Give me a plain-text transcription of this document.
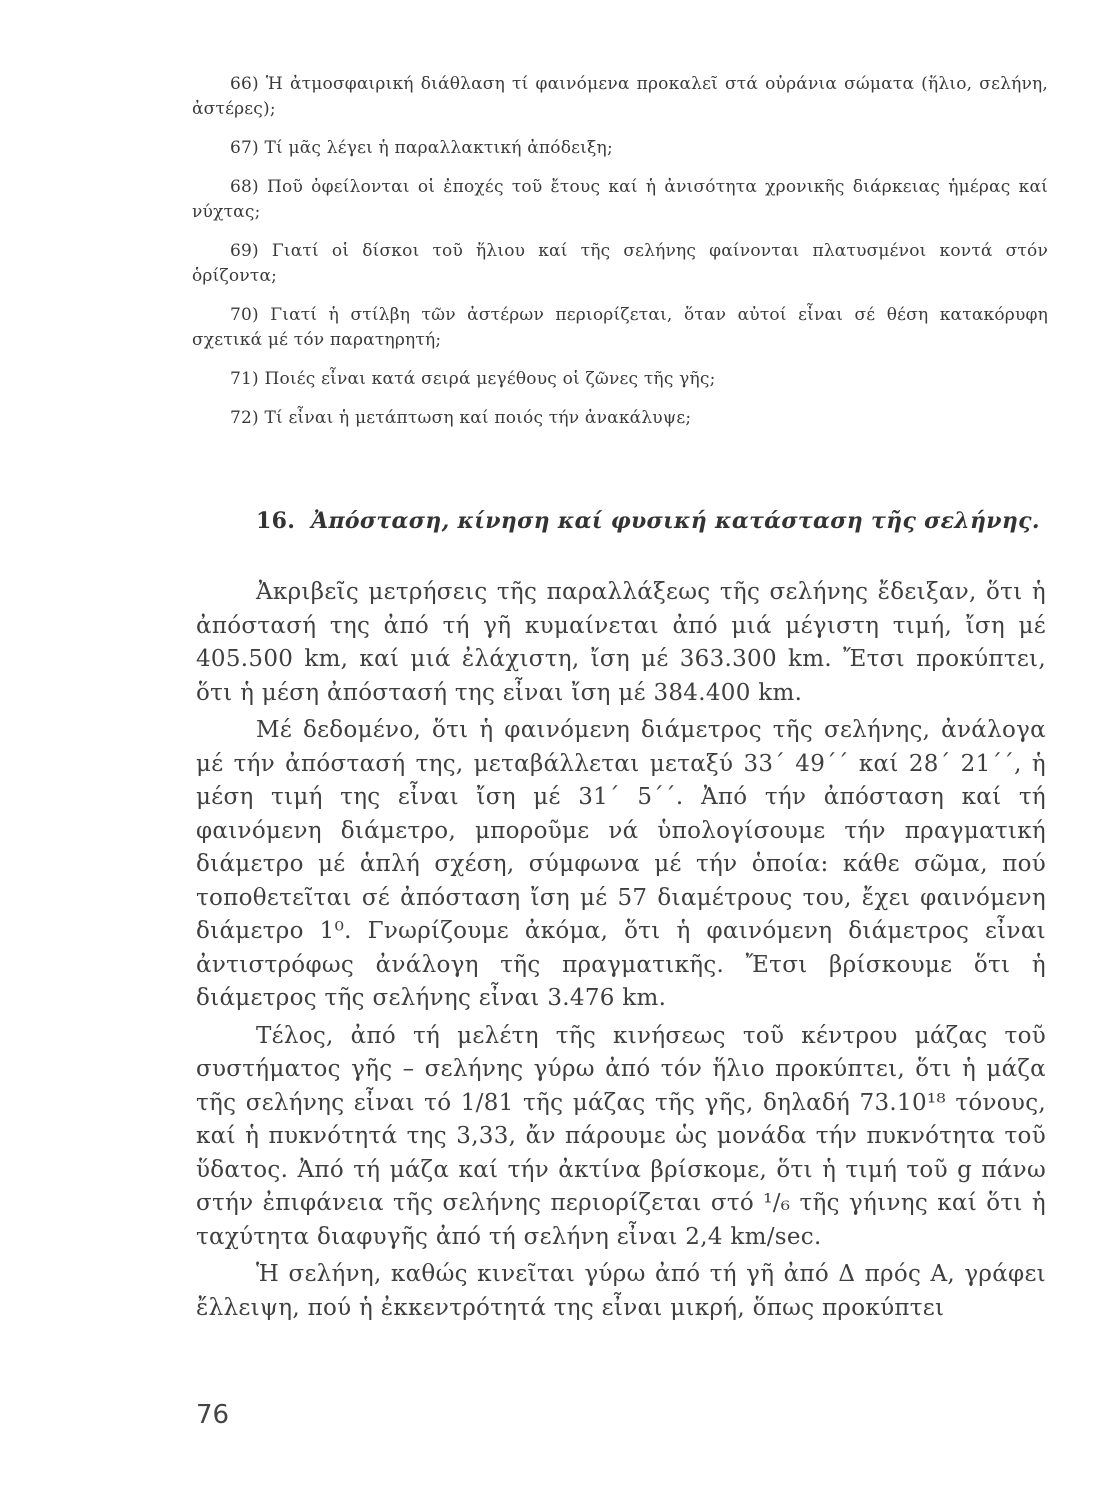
66) Ἡ ἀτμοσφαιρική διάθλαση τί φαινόμενα προκαλεῖ στά οὐράνια σώματα (ἥλιο, σελήνη, ἀστέρες);

67) Τί μᾶς λέγει ἡ παραλλακτική ἀπόδειξη;

68) Ποῦ ὀφείλονται οἱ ἐποχές τοῦ ἔτους καί ἡ ἀνισότητα χρονικῆς διάρκειας ἡμέρας καί νύχτας;

69) Γιατί οἱ δίσκοι τοῦ ἥλιου καί τῆς σελήνης φαίνονται πλατυσμένοι κοντά στόν ὁρίζοντα;

70) Γιατί ἡ στίλβη τῶν ἀστέρων περιορίζεται, ὅταν αὐτοί εἶναι σέ θέση κατακόρυφη σχετικά μέ τόν παρατηρητή;

71) Ποιές εἶναι κατά σειρά μεγέθους οἱ ζῶνες τῆς γῆς;

72) Τί εἶναι ἡ μετάπτωση καί ποιός τήν ἀνακάλυψε;

16. Ἀπόσταση, κίνηση καί φυσική κατάσταση τῆς σελήνης.

Ἀκριβεῖς μετρήσεις τῆς παραλλάξεως τῆς σελήνης ἔδειξαν, ὅτι ἡ ἀπόστασή της ἀπό τή γῆ κυμαίνεται ἀπό μιά μέγιστη τιμή, ἴση μέ 405.500 km, καί μιά ἐλάχιστη, ἴση μέ 363.300 km. Ἔτσι προκύπτει, ὅτι ἡ μέση ἀπόστασή της εἶναι ἴση μέ 384.400 km.

Μέ δεδομένο, ὅτι ἡ φαινόμενη διάμετρος τῆς σελήνης, ἀνάλογα μέ τήν ἀπόστασή της, μεταβάλλεται μεταξύ 33΄ 49΄΄ καί 28΄ 21΄΄, ἡ μέση τιμή της εἶναι ἴση μέ 31΄ 5΄΄. Ἀπό τήν ἀπόσταση καί τή φαινόμενη διάμετρο, μποροῦμε νά ὑπολογίσουμε τήν πραγματική διάμετρο μέ ἁπλή σχέση, σύμφωνα μέ τήν ὁποία: κάθε σῶμα, πού τοποθετεῖται σέ ἀπόσταση ἴση μέ 57 διαμέτρους του, ἔχει φαινόμενη διάμετρο 1⁰. Γνωρίζουμε ἀκόμα, ὅτι ἡ φαινόμενη διάμετρος εἶναι ἀντιστρόφως ἀνάλογη τῆς πραγματικῆς. Ἔτσι βρίσκουμε ὅτι ἡ διάμετρος τῆς σελήνης εἶναι 3.476 km.

Τέλος, ἀπό τή μελέτη τῆς κινήσεως τοῦ κέντρου μάζας τοῦ συστήματος γῆς – σελήνης γύρω ἀπό τόν ἥλιο προκύπτει, ὅτι ἡ μάζα τῆς σελήνης εἶναι τό 1/81 τῆς μάζας τῆς γῆς, δηλαδή 73.10¹⁸ τόνους, καί ἡ πυκνότητά της 3,33, ἄν πάρουμε ὡς μονάδα τήν πυκνότητα τοῦ ὕδατος. Ἀπό τή μάζα καί τήν ἀκτίνα βρίσκομε, ὅτι ἡ τιμή τοῦ g πάνω στήν ἐπιφάνεια τῆς σελήνης περιορίζεται στό ¹/₆ τῆς γήινης καί ὅτι ἡ ταχύτητα διαφυγῆς ἀπό τή σελήνη εἶναι 2,4 km/sec.

Ἡ σελήνη, καθώς κινεῖται γύρω ἀπό τή γῆ ἀπό Δ πρός Α, γράφει ἔλλειψη, πού ἡ ἐκκεντρότητά της εἶναι μικρή, ὅπως προκύπτει

76
